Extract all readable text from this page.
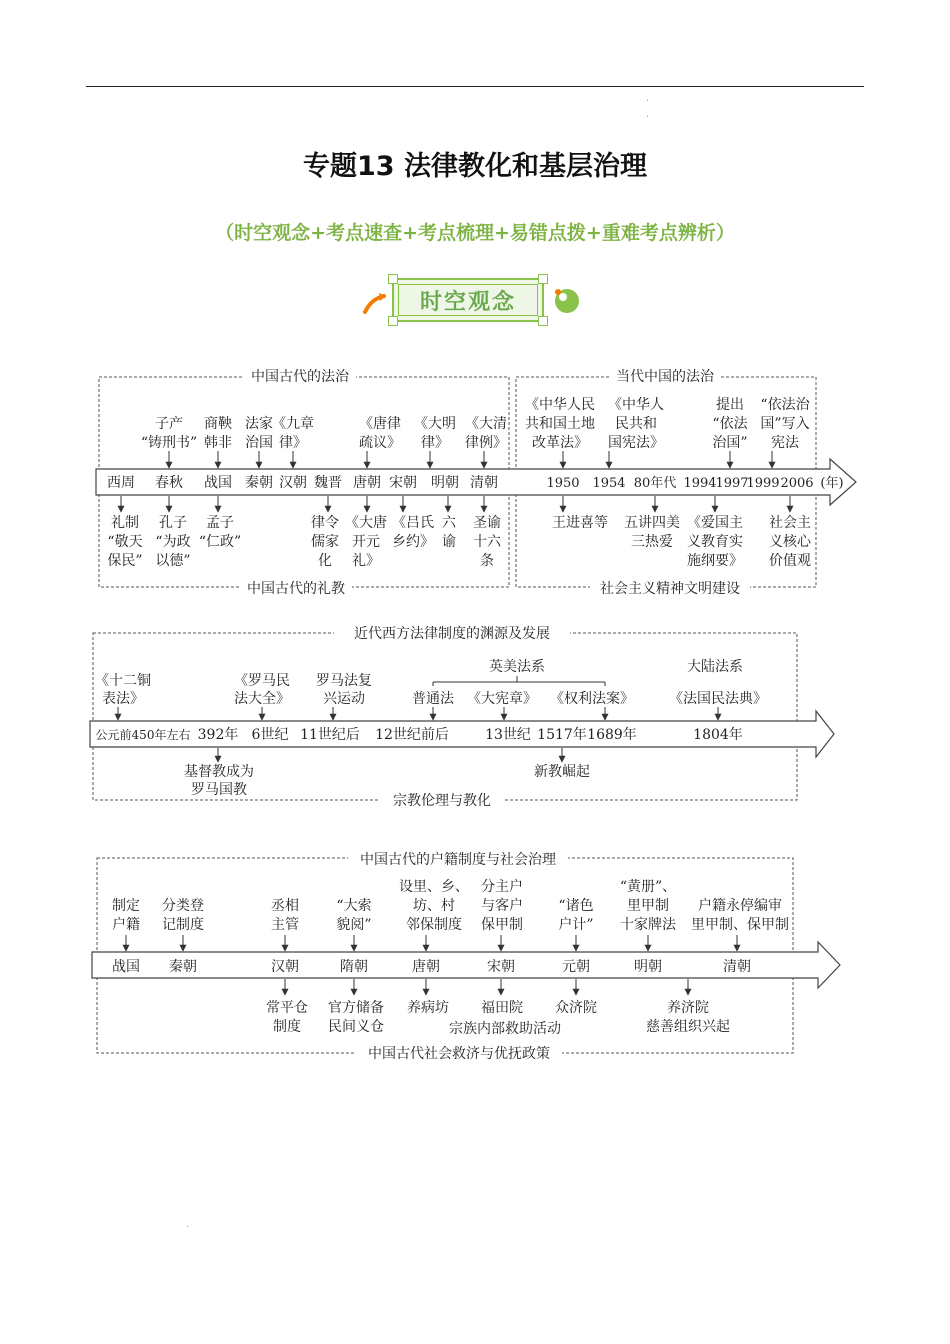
·
·
专题13 法律教化和基层治理
（时空观念+考点速查+考点梳理+易错点拨+重难考点辨析）
时空观念
中国古代的法治	当代中国的法治
中国古代的礼教	社会主义精神文明建设
西周 春秋 战国 秦朝 汉朝 魏晋 唐朝 宋朝 明朝 清朝	1950 1954 80年代 1994
1997
1999 2006 (年)
子产
“铸刑书”
商鞅
韩非
法家
治国
《九章
律》
《唐律
疏议》
《大明
律》
《大清
律例》
《中华人民
共和国土地
改革法》
《中华人
民共和
国宪法》
提出
“依法
治国”
“依法治
国”写入
宪法
礼制
“敬天
保民”
孔子
“为政
以德”
孟子
“仁政”
律令
儒家
化
《大唐
开元
礼》
《吕氏
乡约》
六
谕
圣谕
十六
条
王进喜等 五讲四美
三热爱
《爱国主
义教育实
施纲要》
社会主
义核心
价值观
近代西方法律制度的渊源及发展
宗教伦理与教化
英美法系	大陆法系
公元前450年左右 392年 6世纪 11世纪后 12世纪前后	13世纪 1517年 1689年	1804年
《十二铜
表法》
《罗马民
法大全》
罗马法复
兴运动	普通法 《大宪章》 《权利法案》	《法国民法典》
基督教成为
罗马国教
新教崛起
中国古代的户籍制度与社会治理
中国古代社会救济与优抚政策
战国 秦朝	汉朝	隋朝	唐朝	宋朝	元朝	明朝	清朝
制定
户籍
分类登
记制度
丞相
主管
“大索
貌阅”
设里、乡、
坊、村
邻保制度
分主户
与客户
保甲制
“诸色
户计”
“黄册”、
里甲制
十家牌法
户籍永停编审
里甲制、保甲制
常平仓
制度
官方储备
民间义仓
养病坊 福田院 众济院	养济院
慈善组织兴起
宗族内部救助活动
·
